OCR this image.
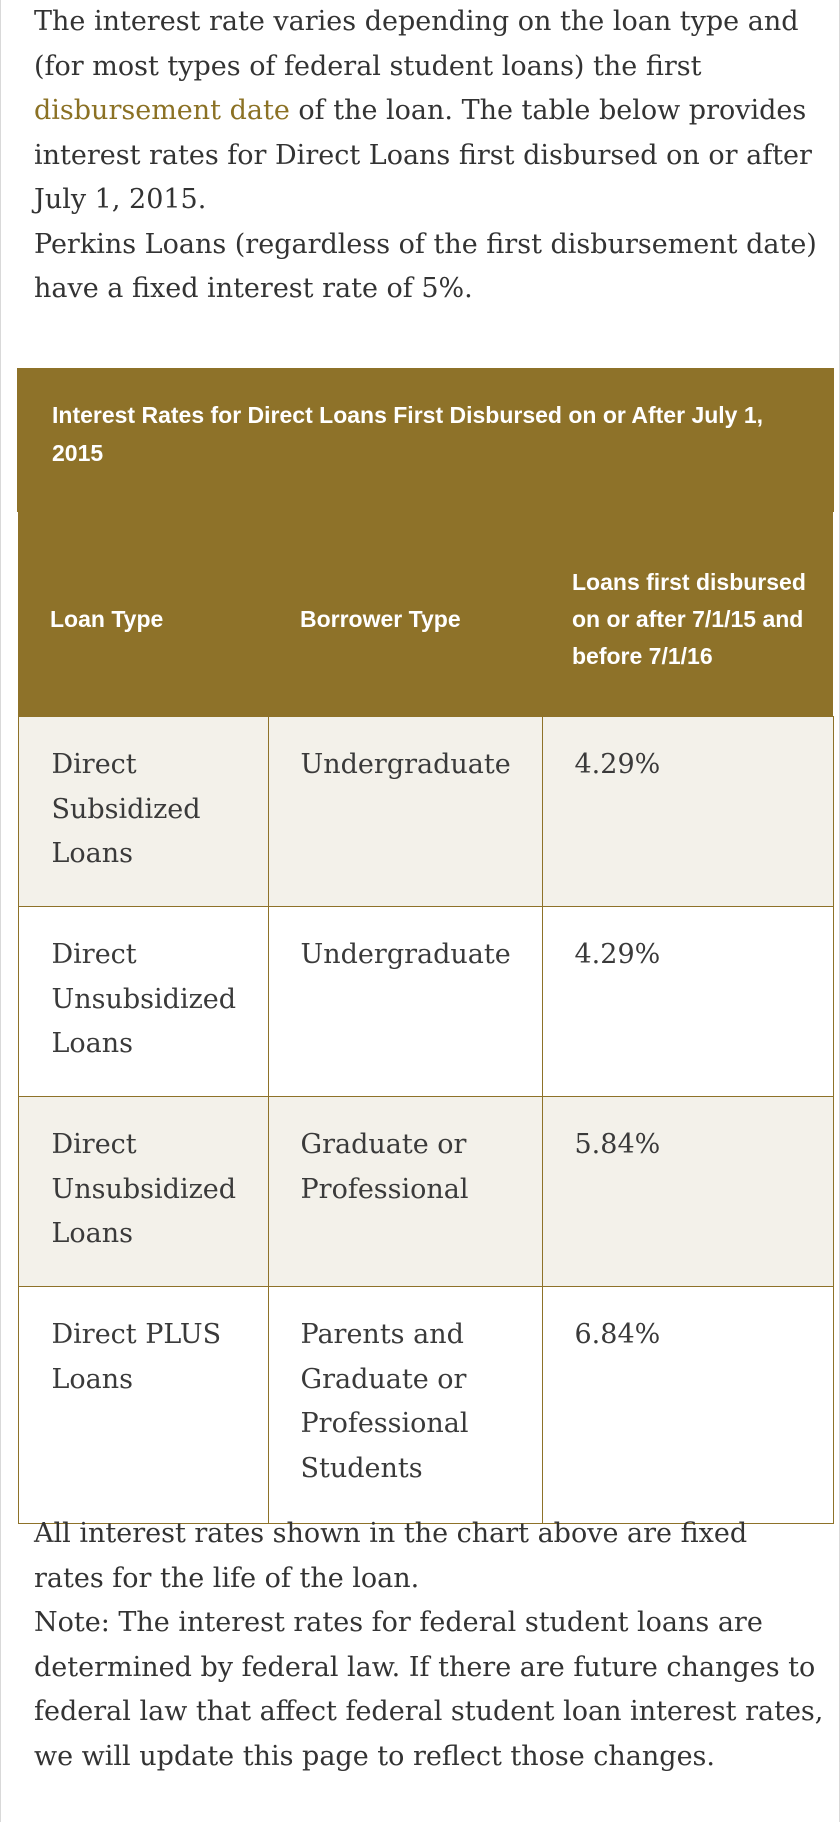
The interest rate varies depending on the loan type and (for most types of federal student loans) the first disbursement date of the loan. The table below provides interest rates for Direct Loans first disbursed on or after July 1, 2015.

Perkins Loans (regardless of the first disbursement date) have a fixed interest rate of 5%.

Interest Rates for Direct Loans First Disbursed on or After July 1, 2015		
Loan Type	Borrower Type	Loans first disbursed on or after 7/1/15 and before 7/1/16
Direct Subsidized Loans	Undergraduate	4.29%
Direct Unsubsidized Loans	Undergraduate	4.29%
Direct Unsubsidized Loans	Graduate or Professional	5.84%
Direct PLUS Loans	Parents and Graduate or Professional Students	6.84%

All interest rates shown in the chart above are fixed rates for the life of the loan.

Note: The interest rates for federal student loans are determined by federal law. If there are future changes to federal law that affect federal student loan interest rates, we will update this page to reflect those changes.
